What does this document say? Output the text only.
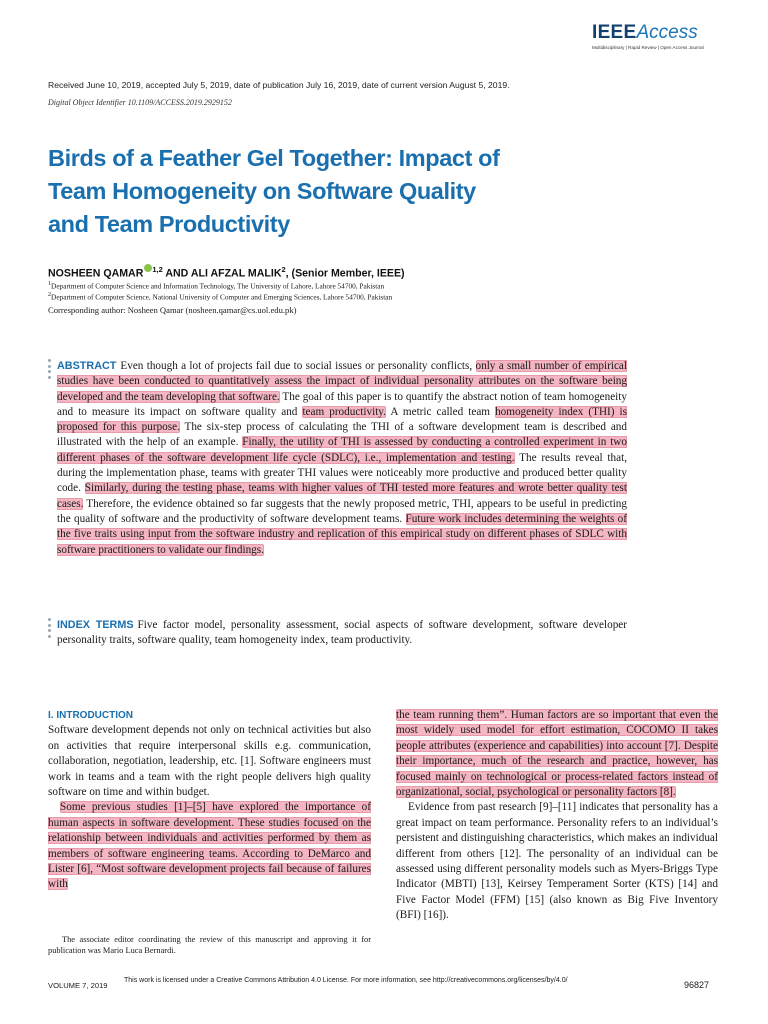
IEEEAccess
Multidisciplinary | Rapid Review | Open Access Journal
Received June 10, 2019, accepted July 5, 2019, date of publication July 16, 2019, date of current version August 5, 2019.
Digital Object Identifier 10.1109/ACCESS.2019.2929152
Birds of a Feather Gel Together: Impact of
Team Homogeneity on Software Quality
and Team Productivity
NOSHEEN QAMAR $^{1,2}$ AND ALI AFZAL MALIK$^2$, (Senior Member, IEEE)
$^1$Department of Computer Science and Information Technology, The University of Lahore, Lahore 54700, Pakistan
$^2$Department of Computer Science, National University of Computer and Emerging Sciences, Lahore 54700, Pakistan
Corresponding author: Nosheen Qamar (nosheen.qamar@cs.uol.edu.pk)
ABSTRACT Even though a lot of projects fail due to social issues or personality conflicts, only a small number of empirical studies have been conducted to quantitatively assess the impact of individual personality attributes on the software being developed and the team developing that software. The goal of this paper is to quantify the abstract notion of team homogeneity and to measure its impact on software quality and team productivity. A metric called team homogeneity index (THI) is proposed for this purpose. The six-step process of calculating the THI of a software development team is described and illustrated with the help of an example. Finally, the utility of THI is assessed by conducting a controlled experiment in two different phases of the software development life cycle (SDLC), i.e., implementation and testing. The results reveal that, during the implementation phase, teams with greater THI values were noticeably more productive and produced better quality code. Similarly, during the testing phase, teams with higher values of THI tested more features and wrote better quality test cases. Therefore, the evidence obtained so far suggests that the newly proposed metric, THI, appears to be useful in predicting the quality of software and the productivity of software development teams. Future work includes determining the weights of the five traits using input from the software industry and replication of this empirical study on different phases of SDLC with software practitioners to validate our findings.
INDEX TERMS Five factor model, personality assessment, social aspects of software development, software developer personality traits, software quality, team homogeneity index, team productivity.
I. INTRODUCTION

Software development depends not only on technical activities but also on activities that require interpersonal skills e.g. communication, collaboration, negotiation, leadership, etc. [1]. Software engineers must work in teams and a team with the right people delivers high quality software on time and within budget.

Some previous studies [1]–[5] have explored the importance of human aspects in software development. These studies focused on the relationship between individuals and activities performed by them as members of software engineering teams. According to DeMarco and Lister [6], “Most software development projects fail because of failures with

the team running them”. Human factors are so important that even the most widely used model for effort estimation, COCOMO II takes people attributes (experience and capabilities) into account [7]. Despite their importance, much of the research and practice, however, has focused mainly on technological or process-related factors instead of organizational, social, psychological or personality factors [8].

Evidence from past research [9]–[11] indicates that personality has a great impact on team performance. Personality refers to an individual’s persistent and distinguishing characteristics, which makes an individual different from others [12]. The personality of an individual can be assessed using different personality models such as Myers-Briggs Type Indicator (MBTI) [13], Keirsey Temperament Sorter (KTS) [14] and Five Factor Model (FFM) [15] (also known as Big Five Inventory (BFI) [16]).

The associate editor coordinating the review of this manuscript and approving it for publication was Mario Luca Bernardi.
VOLUME 7, 2019
This work is licensed under a Creative Commons Attribution 4.0 License. For more information, see http://creativecommons.org/licenses/by/4.0/	96827
